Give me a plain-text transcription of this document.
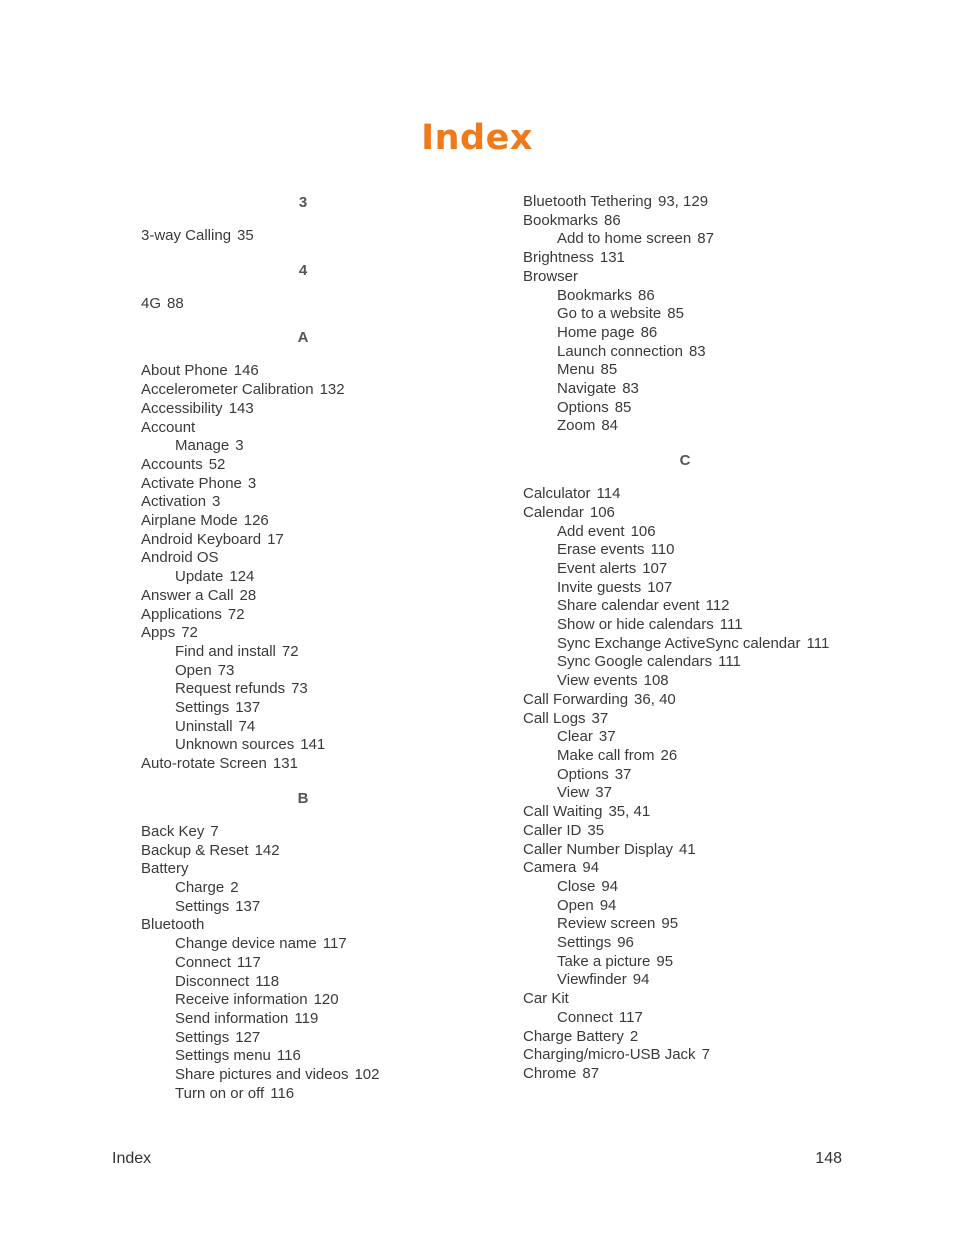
Index
3
3-way Calling 35
4
4G 88
A
About Phone 146
Accelerometer Calibration 132
Accessibility 143
Account
Manage 3
Accounts 52
Activate Phone 3
Activation 3
Airplane Mode 126
Android Keyboard 17
Android OS
Update 124
Answer a Call 28
Applications 72
Apps 72
Find and install 72
Open 73
Request refunds 73
Settings 137
Uninstall 74
Unknown sources 141
Auto-rotate Screen 131
B
Back Key 7
Backup & Reset 142
Battery
Charge 2
Settings 137
Bluetooth
Change device name 117
Connect 117
Disconnect 118
Receive information 120
Send information 119
Settings 127
Settings menu 116
Share pictures and videos 102
Turn on or off 116
Bluetooth Tethering 93, 129
Bookmarks 86
Add to home screen 87
Brightness 131
Browser
Bookmarks 86
Go to a website 85
Home page 86
Launch connection 83
Menu 85
Navigate 83
Options 85
Zoom 84
C
Calculator 114
Calendar 106
Add event 106
Erase events 110
Event alerts 107
Invite guests 107
Share calendar event 112
Show or hide calendars 111
Sync Exchange ActiveSync calendar 111
Sync Google calendars 111
View events 108
Call Forwarding 36, 40
Call Logs 37
Clear 37
Make call from 26
Options 37
View 37
Call Waiting 35, 41
Caller ID 35
Caller Number Display 41
Camera 94
Close 94
Open 94
Review screen 95
Settings 96
Take a picture 95
Viewfinder 94
Car Kit
Connect 117
Charge Battery 2
Charging/micro-USB Jack 7
Chrome 87
Index	148
